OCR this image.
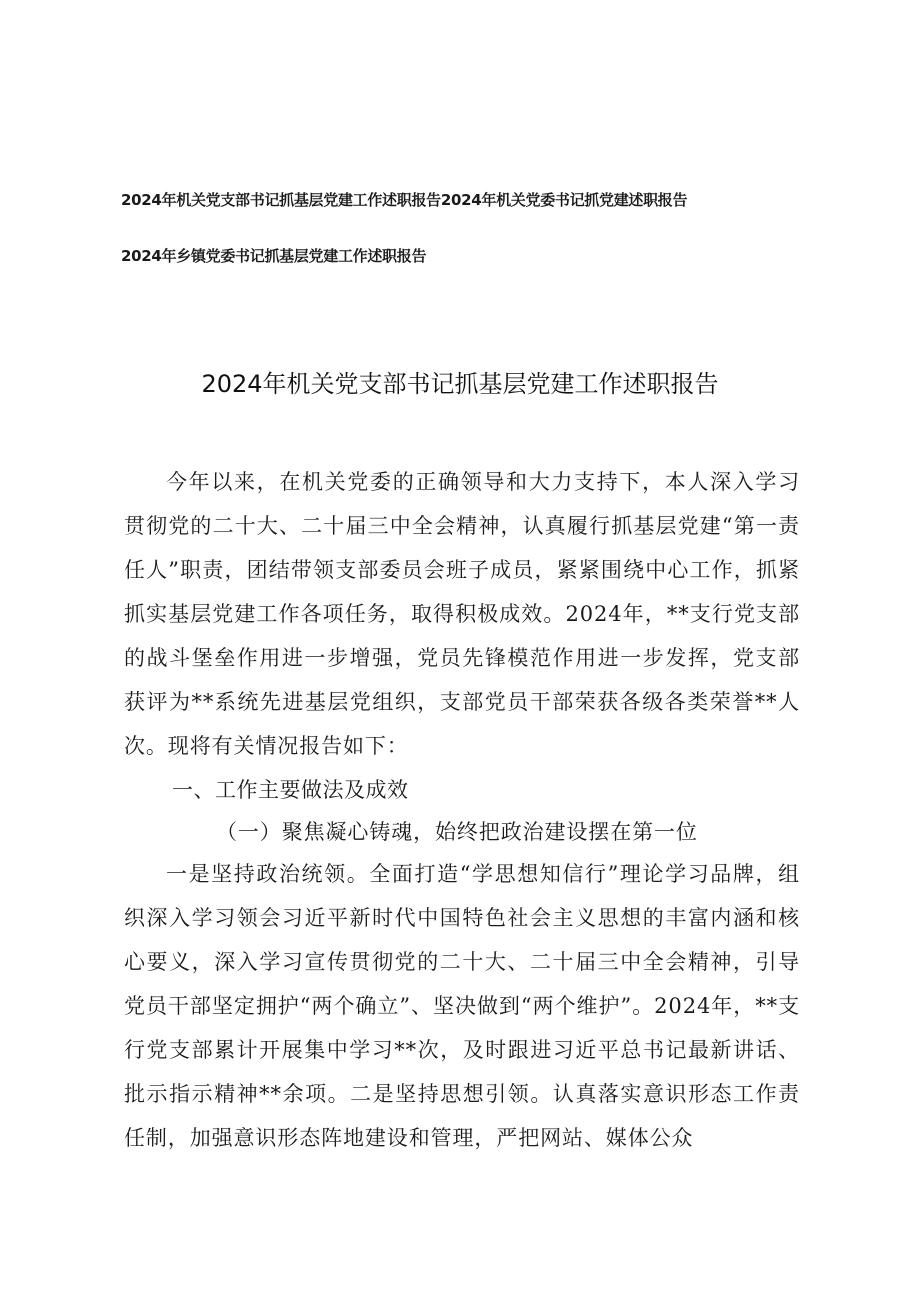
2024年机关党支部书记抓基层党建工作述职报告2024年机关党委书记抓党建述职报告
2024年乡镇党委书记抓基层党建工作述职报告
2024年机关党支部书记抓基层党建工作述职报告

今年以来，在机关党委的正确领导和大力支持下，本人深入学习贯彻党的二十大、二十届三中全会精神，认真履行抓基层党建“第一责任人”职责，团结带领支部委员会班子成员，紧紧围绕中心工作，抓紧抓实基层党建工作各项任务，取得积极成效。2024年，**支行党支部的战斗堡垒作用进一步增强，党员先锋模范作用进一步发挥，党支部获评为**系统先进基层党组织，支部党员干部荣获各级各类荣誉**人次。现将有关情况报告如下：

一、工作主要做法及成效

（一）聚焦凝心铸魂，始终把政治建设摆在第一位

一是坚持政治统领。全面打造“学思想知信行”理论学习品牌，组织深入学习领会习近平新时代中国特色社会主义思想的丰富内涵和核心要义，深入学习宣传贯彻党的二十大、二十届三中全会精神，引导党员干部坚定拥护“两个确立”、坚决做到“两个维护”。2024年，**支行党支部累计开展集中学习**次，及时跟进习近平总书记最新讲话、批示指示精神**余项。二是坚持思想引领。认真落实意识形态工作责任制，加强意识形态阵地建设和管理，严把网站、媒体公众
